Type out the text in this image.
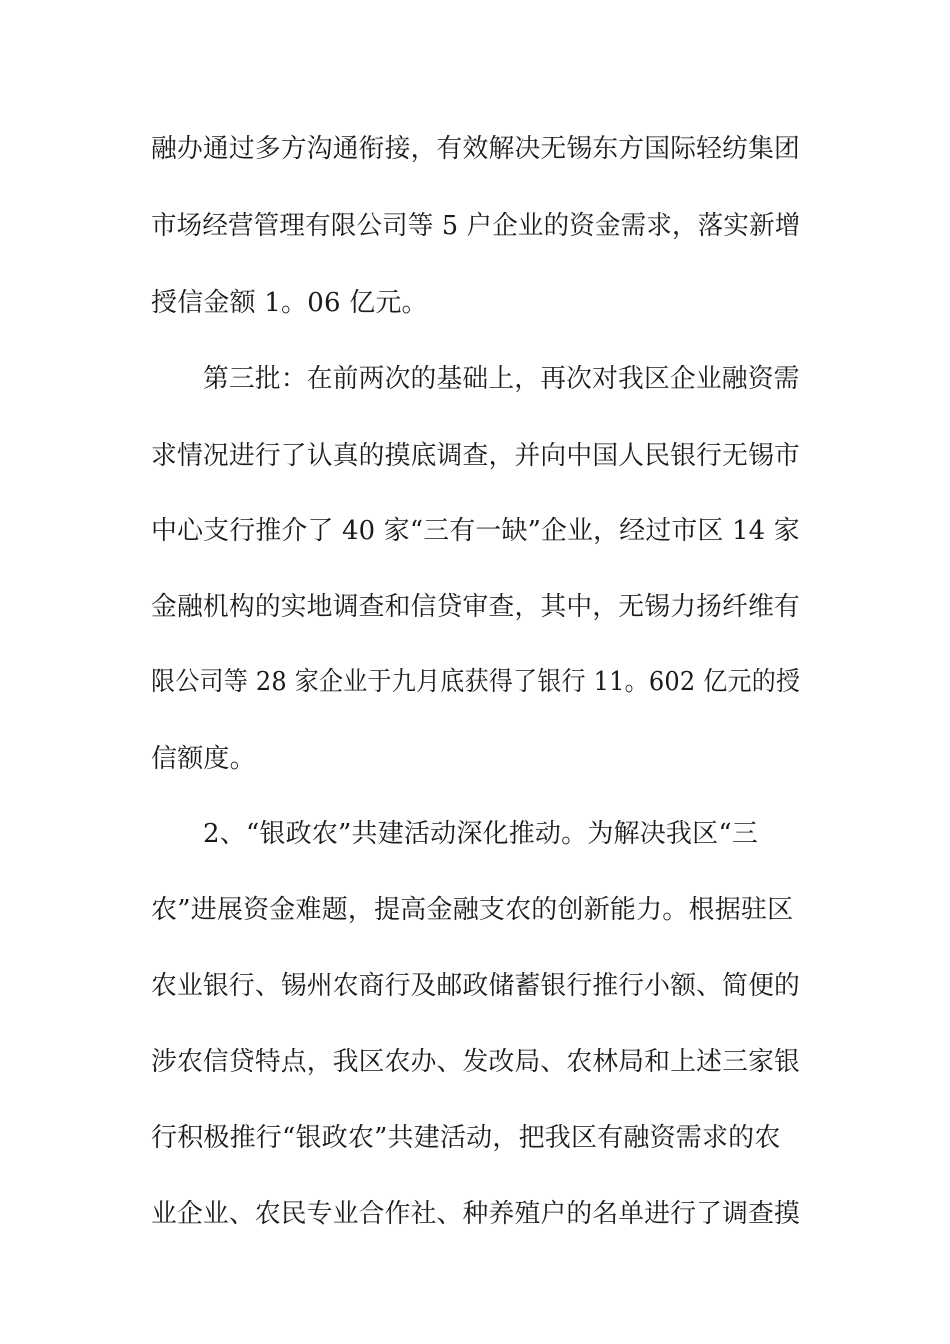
融办通过多方沟通衔接，有效解决无锡东方国际轻纺集团
市场经营管理有限公司等 5 户企业的资金需求，落实新增
授信金额 1。06 亿元。
第三批：在前两次的基础上，再次对我区企业融资需
求情况进行了认真的摸底调查，并向中国人民银行无锡市
中心支行推介了 40 家“三有一缺”企业，经过市区 14 家
金融机构的实地调查和信贷审查，其中，无锡力扬纤维有
限公司等 28 家企业于九月底获得了银行 11。602 亿元的授
信额度。
2、“银政农”共建活动深化推动。为解决我区“三
农”进展资金难题，提高金融支农的创新能力。根据驻区
农业银行、锡州农商行及邮政储蓄银行推行小额、简便的
涉农信贷特点，我区农办、发改局、农林局和上述三家银
行积极推行“银政农”共建活动，把我区有融资需求的农
业企业、农民专业合作社、种养殖户的名单进行了调查摸
